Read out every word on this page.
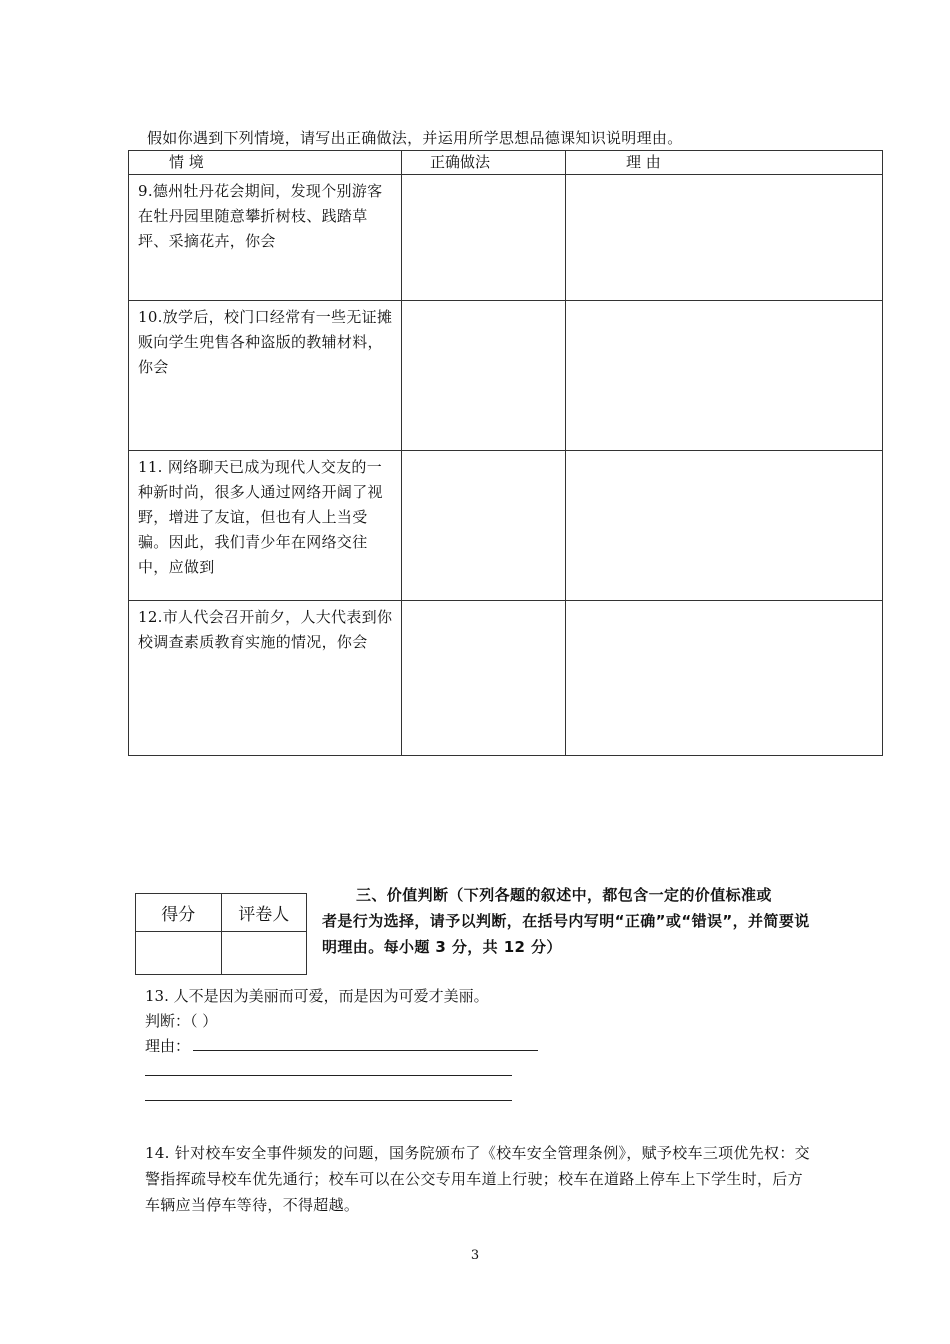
假如你遇到下列情境，请写出正确做法，并运用所学思想品德课知识说明理由。
情 境	正确做法	理 由
9.德州牡丹花会期间，发现个别游客在牡丹园里随意攀折树枝、践踏草坪、采摘花卉，你会		
10.放学后，校门口经常有一些无证摊贩向学生兜售各种盗版的教辅材料，你会		
11. 网络聊天已成为现代人交友的一种新时尚，很多人通过网络开阔了视野，增进了友谊，但也有人上当受骗。因此，我们青少年在网络交往中，应做到		
12.市人代会召开前夕，人大代表到你校调查素质教育实施的情况，你会		
得分	评卷人

三、价值判断（下列各题的叙述中，都包含一定的价值标准或
者是行为选择，请予以判断，在括号内写明“正确”或“错误”，并简要说明理由。每小题 3 分，共 12 分）
13. 人不是因为美丽而可爱，而是因为可爱才美丽。
判断：（ ）
理由：
14. 针对校车安全事件频发的问题，国务院颁布了《校车安全管理条例》，赋予校车三项优先权：交警指挥疏导校车优先通行；校车可以在公交专用车道上行驶；校车在道路上停车上下学生时，后方车辆应当停车等待，不得超越。
3
